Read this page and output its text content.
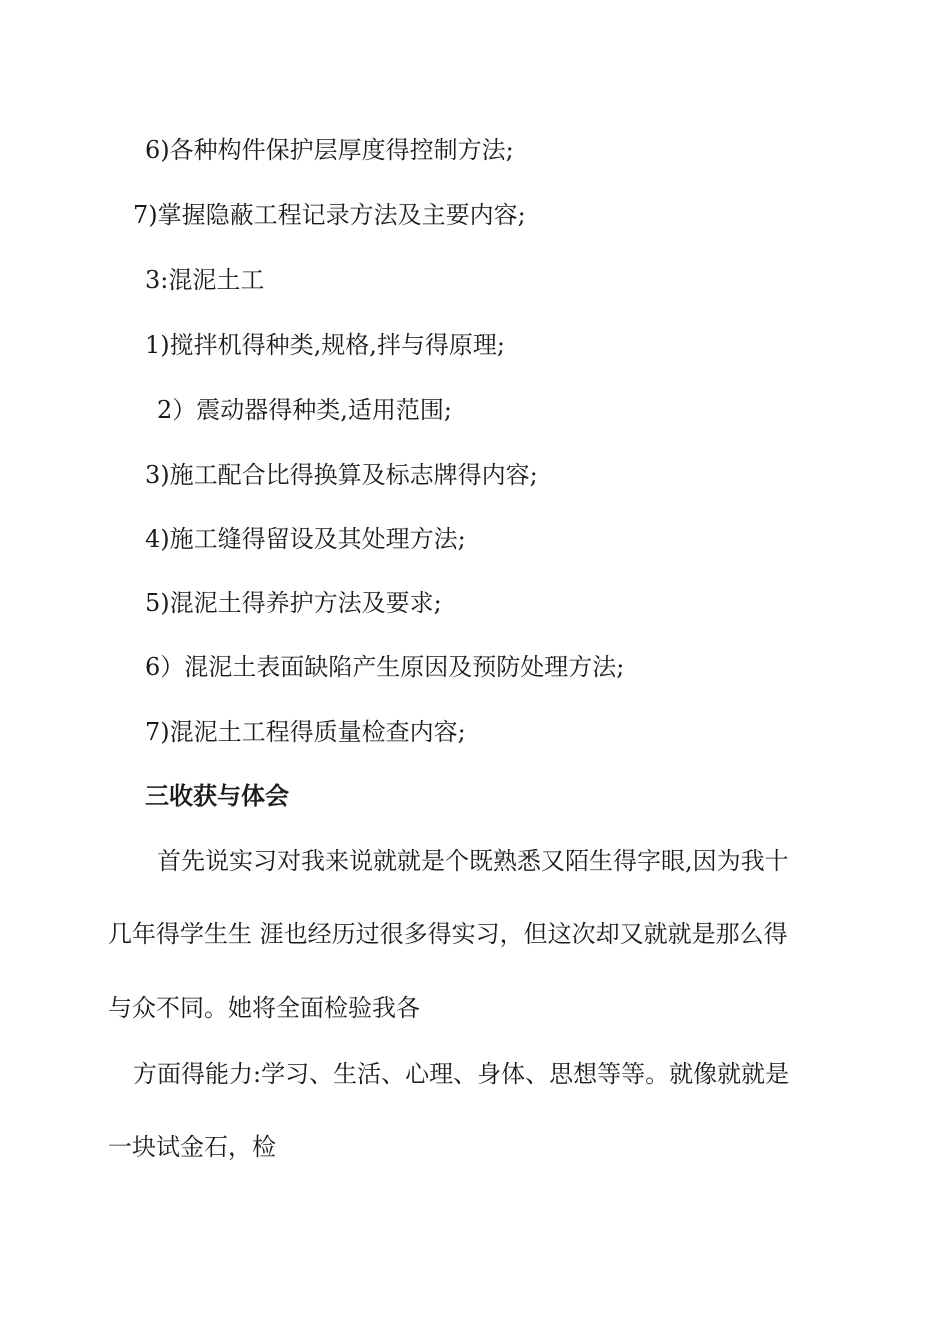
6)各种构件保护层厚度得控制方法;

7)掌握隐蔽工程记录方法及主要内容;

3:混泥土工

1)搅拌机得种类,规格,拌与得原理;

2）震动器得种类,适用范围;

3)施工配合比得换算及标志牌得内容;

4)施工缝得留设及其处理方法;

5)混泥土得养护方法及要求;

6）混泥土表面缺陷产生原因及预防处理方法;

7)混泥土工程得质量检查内容;

三收获与体会

首先说实习对我来说就就是个既熟悉又陌生得字眼,因为我十

几年得学生生 涯也经历过很多得实习，但这次却又就就是那么得

与众不同。她将全面检验我各

方面得能力:学习、生活、心理、身体、思想等等。就像就就是

一块试金石，检
